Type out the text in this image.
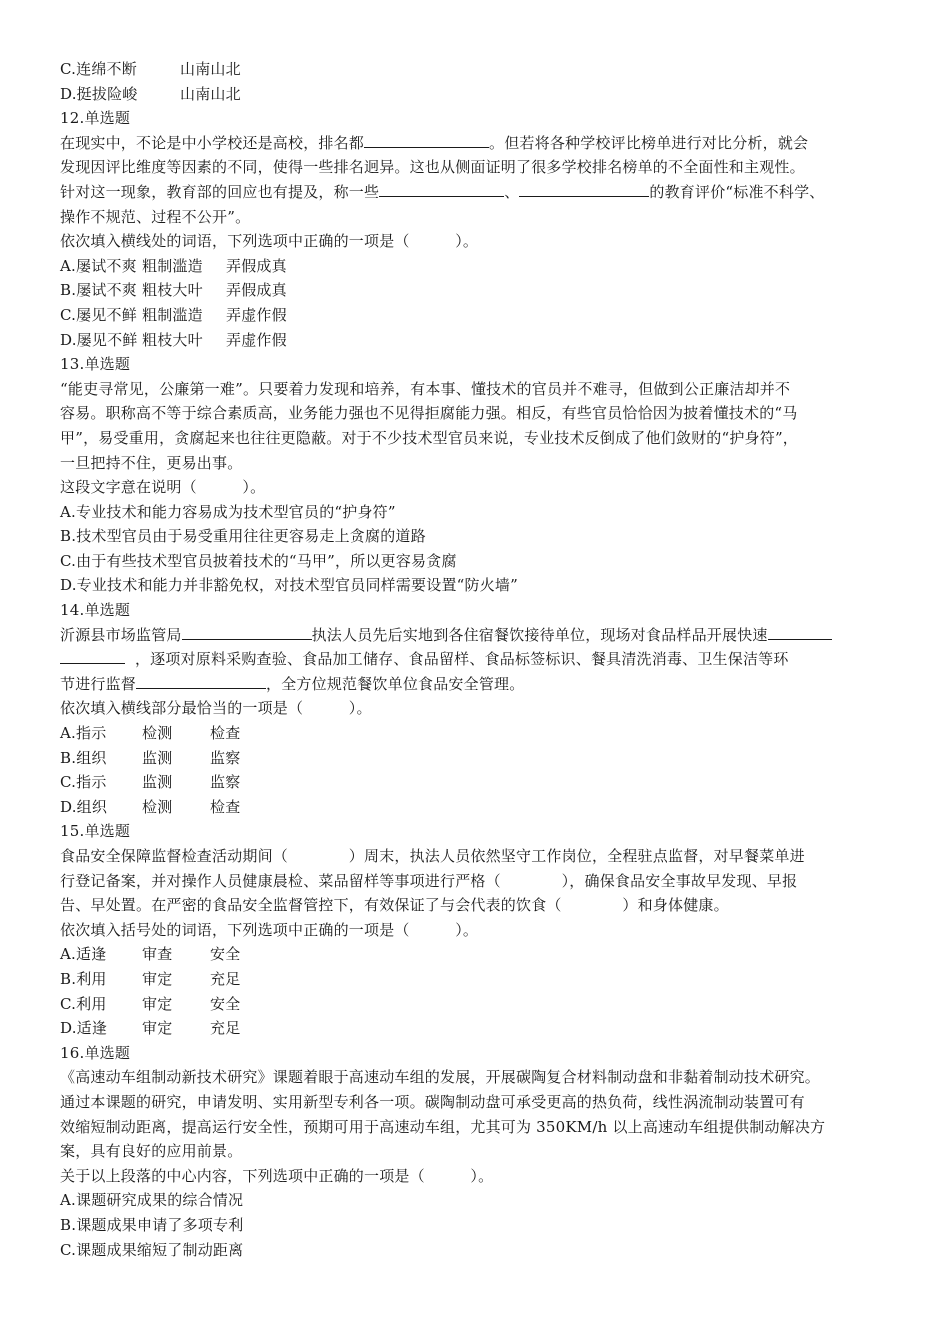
C.连绵不断	山南山北
D.挺拔险峻	山南山北
12.单选题
在现实中，不论是中小学校还是高校，排名都	。但若将各种学校评比榜单进行对比分析，就会
发现因评比维度等因素的不同，使得一些排名迥异。这也从侧面证明了很多学校排名榜单的不全面性和主观性。
针对这一现象，教育部的回应也有提及，称一些	、	的教育评价“标准不科学、
操作不规范、过程不公开”。
依次填入横线处的词语，下列选项中正确的一项是（　　　）。
A.屡试不爽 粗制滥造 弄假成真
B.屡试不爽 粗枝大叶 弄假成真
C.屡见不鲜 粗制滥造 弄虚作假
D.屡见不鲜 粗枝大叶 弄虚作假
13.单选题
“能吏寻常见，公廉第一难”。只要着力发现和培养，有本事、懂技术的官员并不难寻，但做到公正廉洁却并不
容易。职称高不等于综合素质高，业务能力强也不见得拒腐能力强。相反，有些官员恰恰因为披着懂技术的“马
甲”，易受重用，贪腐起来也往往更隐蔽。对于不少技术型官员来说，专业技术反倒成了他们敛财的“护身符”，
一旦把持不住，更易出事。
这段文字意在说明（　　　）。
A.专业技术和能力容易成为技术型官员的“护身符”
B.技术型官员由于易受重用往往更容易走上贪腐的道路
C.由于有些技术型官员披着技术的“马甲”，所以更容易贪腐
D.专业技术和能力并非豁免权，对技术型官员同样需要设置“防火墙”
14.单选题
沂源县市场监管局	执法人员先后实地到各住宿餐饮接待单位，现场对食品样品开展快速
，逐项对原料采购查验、食品加工储存、食品留样、食品标签标识、餐具清洗消毒、卫生保洁等环
节进行监督	，全方位规范餐饮单位食品安全管理。
依次填入横线部分最恰当的一项是（　　　）。
A.指示 检测	检查
B.组织 监测	监察
C.指示 监测	监察
D.组织 检测	检查
15.单选题
食品安全保障监督检查活动期间（　　　　）周末，执法人员依然坚守工作岗位，全程驻点监督，对早餐菜单进
行登记备案，并对操作人员健康晨检、菜品留样等事项进行严格（　　　　），确保食品安全事故早发现、早报
告、早处置。在严密的食品安全监督管控下，有效保证了与会代表的饮食（　　　　）和身体健康。
依次填入括号处的词语，下列选项中正确的一项是（　　　）。
A.适逢 审查	安全
B.利用 审定	充足
C.利用 审定	安全
D.适逢 审定	充足
16.单选题
《高速动车组制动新技术研究》课题着眼于高速动车组的发展，开展碳陶复合材料制动盘和非黏着制动技术研究。
通过本课题的研究，申请发明、实用新型专利各一项。碳陶制动盘可承受更高的热负荷，线性涡流制动装置可有
效缩短制动距离，提高运行安全性，预期可用于高速动车组，尤其可为 350KM/h 以上高速动车组提供制动解决方
案，具有良好的应用前景。
关于以上段落的中心内容，下列选项中正确的一项是（　　　）。
A.课题研究成果的综合情况
B.课题成果申请了多项专利
C.课题成果缩短了制动距离
